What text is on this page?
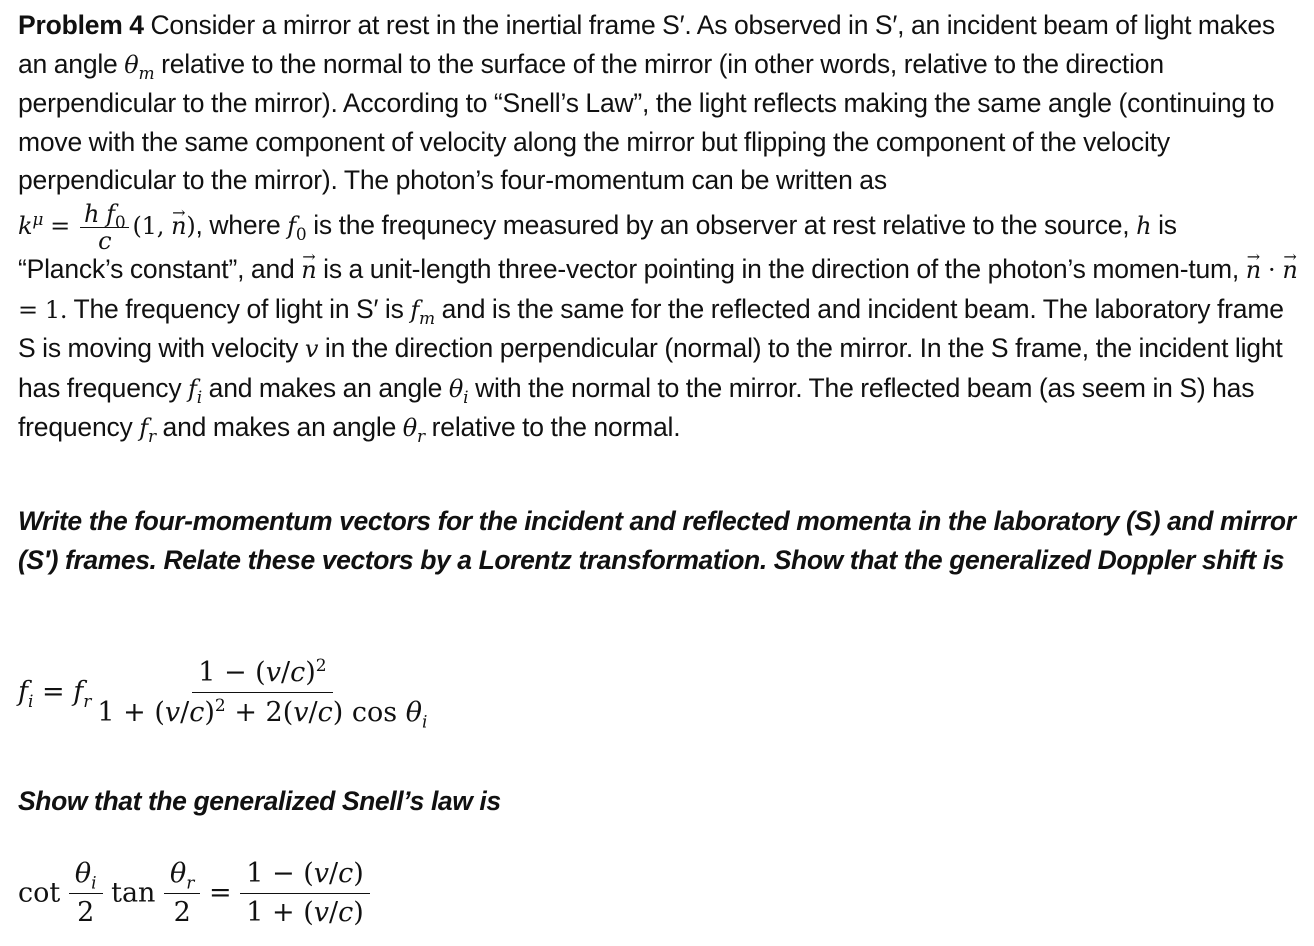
Problem 4 Consider a mirror at rest in the inertial frame S′. As observed in S′, an incident beam of light makes an angle $\theta_m$ relative to the normal to the surface of the mirror (in other words, relative to the direction perpendicular to the mirror). According to “Snell’s Law”, the light reflects making the same angle (continuing to move with the same component of velocity along the mirror but flipping the component of the velocity perpendicular to the mirror). The photon’s four-momentum can be written as

$k^\mu = \frac{h f_0}{c} (1$, → n), where $f_0$ is the frequnecy measured by an observer at rest relative to the source, h is

“Planck’s constant”, and → n is a unit-length three-vector pointing in the direction of the photon’s momen-tum, → n · → n = 1. The frequency of light in S′ is $f_m$ and is the same for the reflected and incident beam. The laboratory frame S is moving with velocity v in the direction perpendicular (normal) to the mirror. In the S frame, the incident light has frequency $f_i$ and makes an angle $\theta_i$ with the normal to the mirror. The reflected beam (as seem in S) has frequency $f_r$ and makes an angle $\theta_r$ relative to the normal.

Write the four-momentum vectors for the incident and reflected momenta in the laboratory (S) and mirror (S′) frames. Relate these vectors by a Lorentz transformation. Show that the generalized Doppler shift is

$f_i = f_r \frac{1 - (v/c)^2}{1 + (v/c)^2 + 2(v/c) \cos \theta_i}$

Show that the generalized Snell’s law is

$\cot \frac{\theta_i}{2}$ $\tan \frac{\theta_r}{2} = \frac{1 - (v/c)}{1 + (v/c)}$
